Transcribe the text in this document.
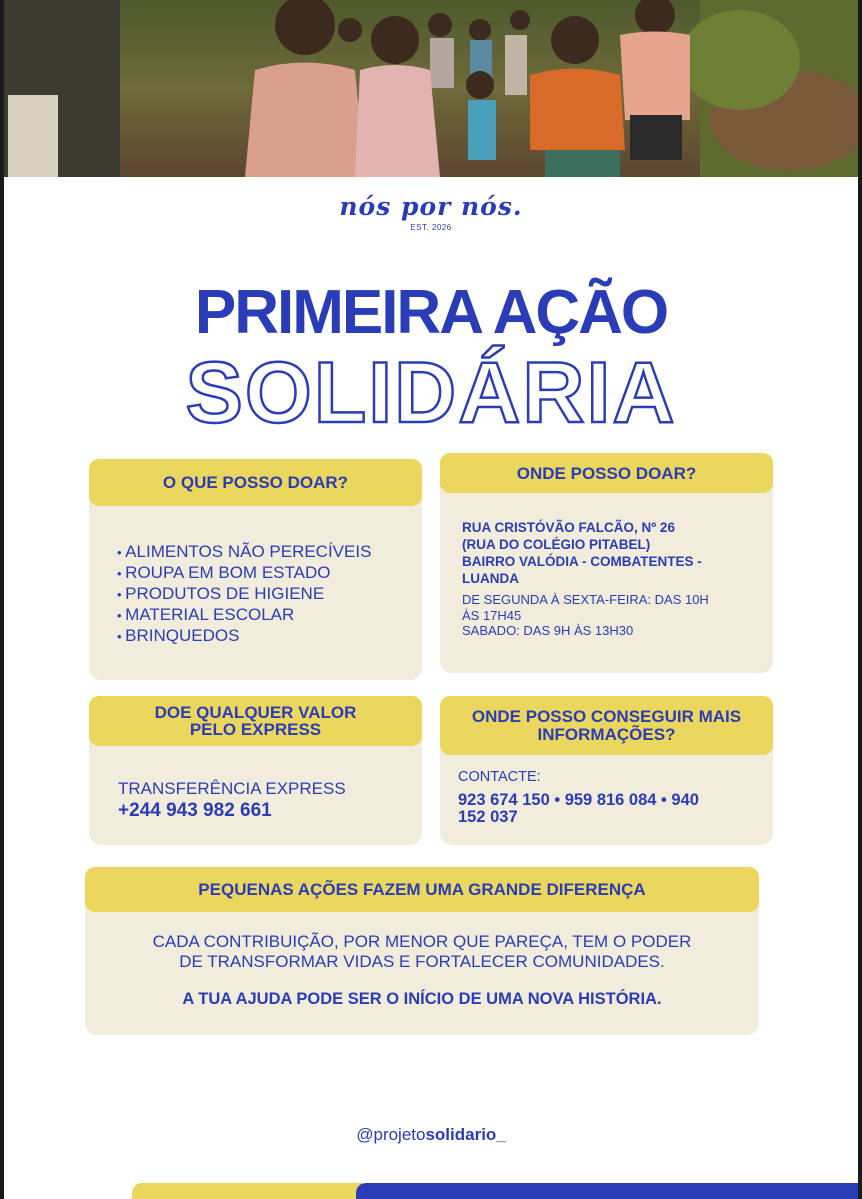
nós por nós.
EST. 2026
PRIMEIRA AÇÃO
SOLIDÁRIA
O QUE POSSO DOAR?
• ALIMENTOS NÃO PERECÍVEIS
• ROUPA EM BOM ESTADO
• PRODUTOS DE HIGIENE
• MATERIAL ESCOLAR
• BRINQUEDOS
ONDE POSSO DOAR?
RUA CRISTÓVÃO FALCÃO, Nº 26
(RUA DO COLÉGIO PITABEL)
BAIRRO VALÓDIA - COMBATENTES -
LUANDA
DE SEGUNDA À SEXTA-FEIRA: DAS 10H
ÀS 17H45
SABADO: DAS 9H ÀS 13H30
DOE QUALQUER VALOR
PELO EXPRESS
TRANSFERÊNCIA EXPRESS
+244 943 982 661
ONDE POSSO CONSEGUIR MAIS
INFORMAÇÕES?
CONTACTE:
923 674 150 • 959 816 084 • 940
152 037
PEQUENAS AÇÕES FAZEM UMA GRANDE DIFERENÇA
CADA CONTRIBUIÇÃO, POR MENOR QUE PAREÇA, TEM O PODER
DE TRANSFORMAR VIDAS E FORTALECER COMUNIDADES.
A TUA AJUDA PODE SER O INÍCIO DE UMA NOVA HISTÓRIA.
@projetosolidario_
